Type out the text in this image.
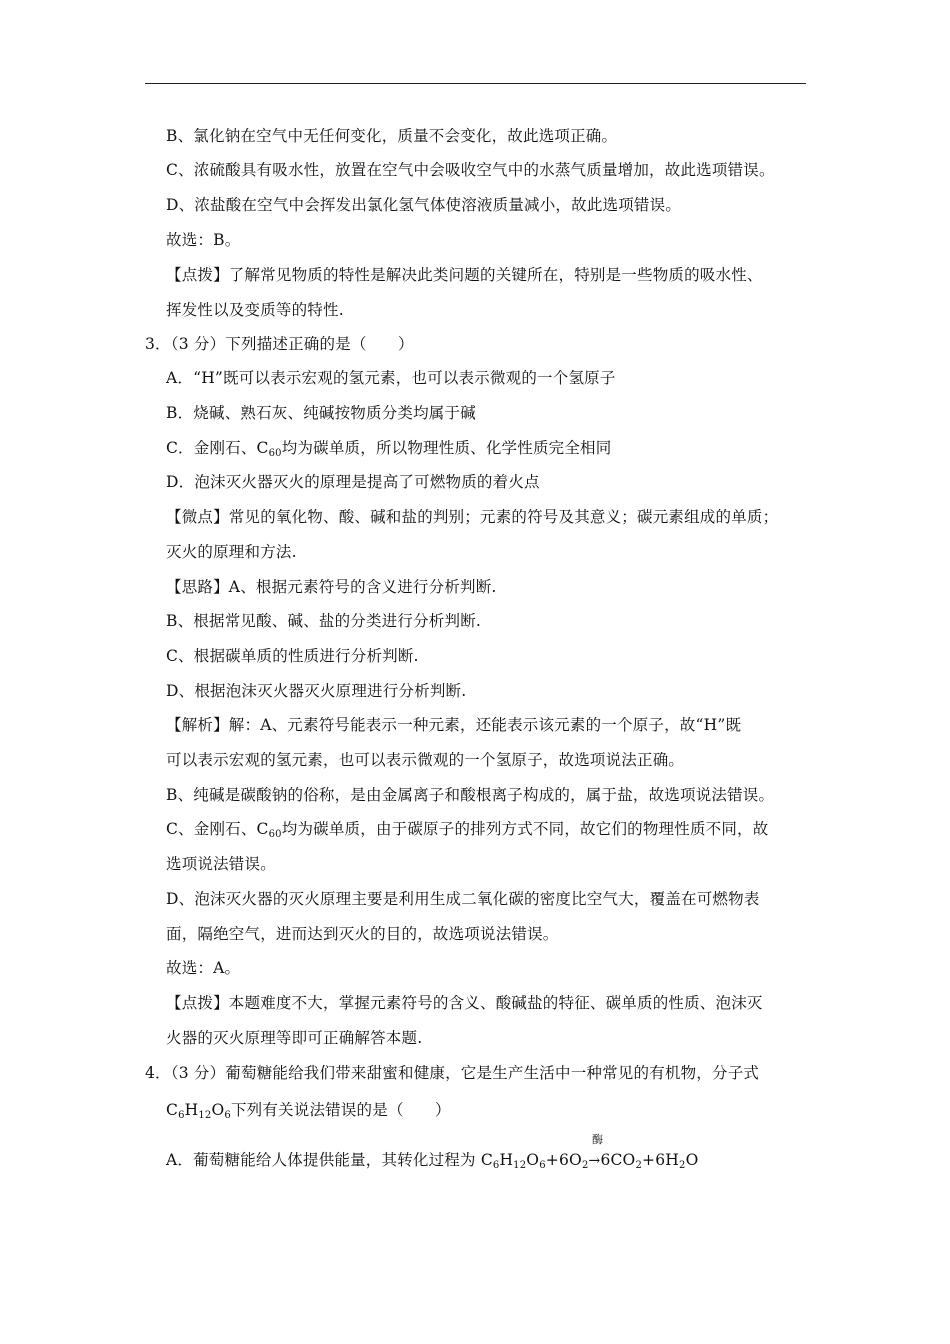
B、氯化钠在空气中无任何变化，质量不会变化，故此选项正确。
C、浓硫酸具有吸水性，放置在空气中会吸收空气中的水蒸气质量增加，故此选项错误。
D、浓盐酸在空气中会挥发出氯化氢气体使溶液质量减小，故此选项错误。
故选：B。
【点拨】了解常见物质的特性是解决此类问题的关键所在，特别是一些物质的吸水性、
挥发性以及变质等的特性.
3．（3 分）下列描述正确的是（　　）
A．“H”既可以表示宏观的氢元素，也可以表示微观的一个氢原子
B．烧碱、熟石灰、纯碱按物质分类均属于碱
C．金刚石、$C_{60}$均为碳单质，所以物理性质、化学性质完全相同
D．泡沫灭火器灭火的原理是提高了可燃物质的着火点
【微点】常见的氧化物、酸、碱和盐的判别；元素的符号及其意义；碳元素组成的单质；
灭火的原理和方法.
【思路】A、根据元素符号的含义进行分析判断.
B、根据常见酸、碱、盐的分类进行分析判断.
C、根据碳单质的性质进行分析判断.
D、根据泡沫灭火器灭火原理进行分析判断.
【解析】解：A、元素符号能表示一种元素，还能表示该元素的一个原子，故“H”既
可以表示宏观的氢元素，也可以表示微观的一个氢原子，故选项说法正确。
B、纯碱是碳酸钠的俗称，是由金属离子和酸根离子构成的，属于盐，故选项说法错误。
C、金刚石、$C_{60}$均为碳单质，由于碳原子的排列方式不同，故它们的物理性质不同，故
选项说法错误。
D、泡沫灭火器的灭火原理主要是利用生成二氧化碳的密度比空气大，覆盖在可燃物表
面，隔绝空气，进而达到灭火的目的，故选项说法错误。
故选：A。
【点拨】本题难度不大，掌握元素符号的含义、酸碱盐的特征、碳单质的性质、泡沫灭
火器的灭火原理等即可正确解答本题.
4．（3 分）葡萄糖能给我们带来甜蜜和健康，它是生产生活中一种常见的有机物，分子式
$C_6H_{12}O_6$下列有关说法错误的是（　　）
酶
A．葡萄糖能给人体提供能量，其转化过程为 $C_6H_{12}O_6+6O_2\to 6CO_2+6H_2O$
